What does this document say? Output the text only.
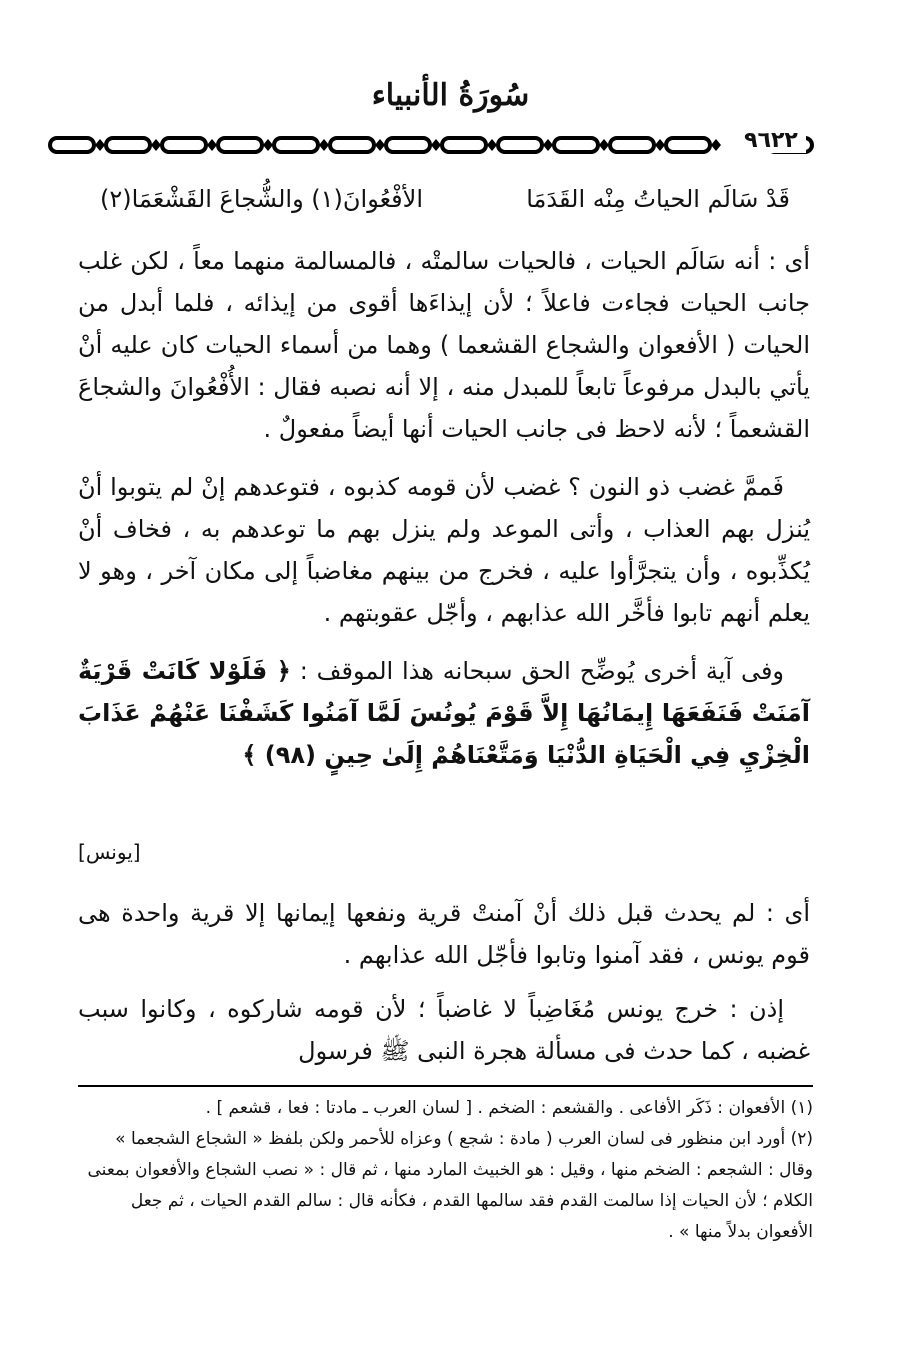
سُورَةُ الأنبياء
٩٦٢٢
قَدْ سَالَم الحياتُ مِنْه القَدَمَا
الأفْعُوانَ(١) والشُّجاعَ القَشْعَمَا(٢)

أى : أنه سَالَم الحيات ، فالحيات سالمتْه ، فالمسالمة منهما معاً ، لكن غلب جانب الحيات فجاءت فاعلاً ؛ لأن إيذاءَها أقوى من إيذائه ، فلما أبدل من الحيات ( الأفعوان والشجاع القشعما ) وهما من أسماء الحيات كان عليه أنْ يأتي بالبدل مرفوعاً تابعاً للمبدل منه ، إلا أنه نصبه فقال : الأُفْعُوانَ والشجاعَ القشعماً ؛ لأنه لاحظ فى جانب الحيات أنها أيضاً مفعولٌ .

فَممَّ غضب ذو النون ؟ غضب لأن قومه كذبوه ، فتوعدهم إنْ لم يتوبوا أنْ يُنزل بهم العذاب ، وأتى الموعد ولم ينزل بهم ما توعدهم به ، فخاف أنْ يُكذِّبوه ، وأن يتجرَّأوا عليه ، فخرج من بينهم مغاضباً إلى مكان آخر ، وهو لا يعلم أنهم تابوا فأخَّر الله عذابهم ، وأجّل عقوبتهم .

وفى آية أخرى يُوضِّح الحق سبحانه هذا الموقف : ﴿ فَلَوْلا كَانَتْ قَرْيَةٌ آمَنَتْ فَنَفَعَهَا إِيمَانُهَا إِلاَّ قَوْمَ يُونُسَ لَمَّا آمَنُوا كَشَفْنَا عَنْهُمْ عَذَابَ الْخِزْيِ فِي الْحَيَاةِ الدُّنْيَا وَمَتَّعْنَاهُمْ إِلَىٰ حِينٍ (٩٨) ﴾

[يونس]

أى : لم يحدث قبل ذلك أنْ آمنتْ قرية ونفعها إيمانها إلا قرية واحدة هى قوم يونس ، فقد آمنوا وتابوا فأجّل الله عذابهم .

إذن : خرج يونس مُغَاضِباً لا غاضباً ؛ لأن قومه شاركوه ، وكانوا سبب غضبه ، كما حدث فى مسألة هجرة النبى ﷺ فرسول

(١) الأفعوان : ذَكَر الأفاعى . والقشعم : الضخم . [ لسان العرب ـ مادتا : فعا ، قشعم ] .

(٢) أورد ابن منظور فى لسان العرب ( مادة : شجع ) وعزاه للأحمر ولكن بلفظ « الشجاع الشجعما » وقال : الشجعم : الضخم منها ، وقيل : هو الخبيث المارد منها ، ثم قال : « نصب الشجاع والأفعوان بمعنى الكلام ؛ لأن الحيات إذا سالمت القدم فقد سالمها القدم ، فكأنه قال : سالم القدم الحيات ، ثم جعل الأفعوان بدلاً منها » .
